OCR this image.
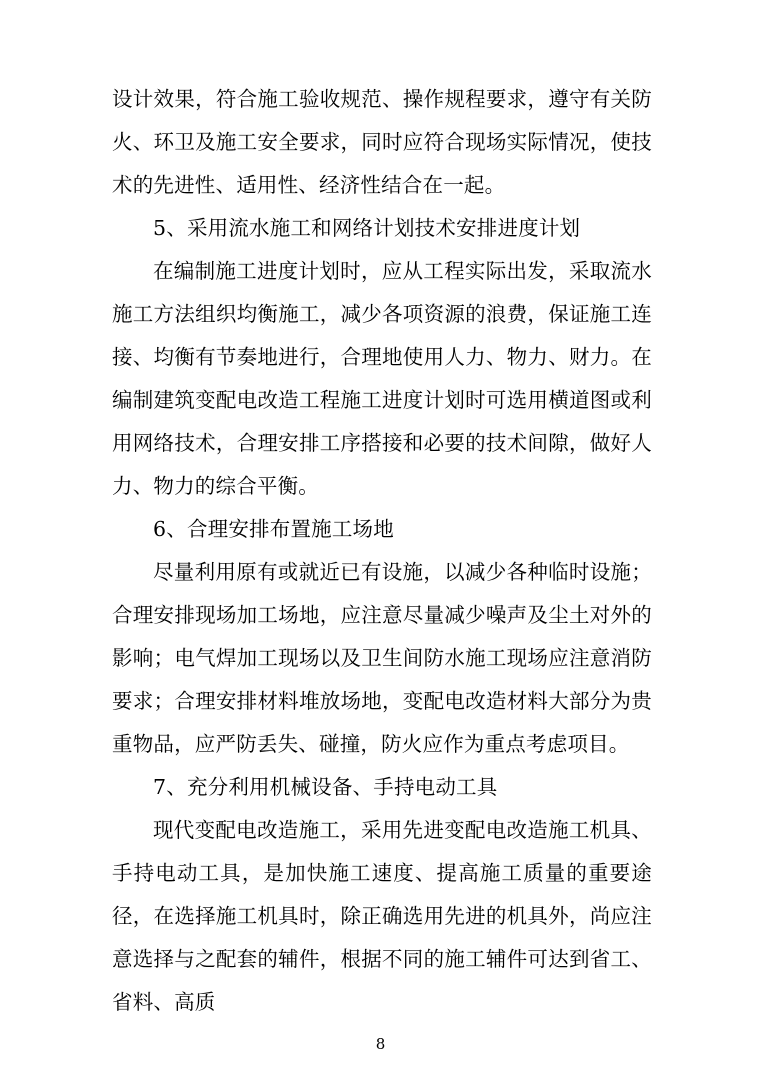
设计效果，符合施工验收规范、操作规程要求，遵守有关防火、环卫及施工安全要求，同时应符合现场实际情况，使技术的先进性、适用性、经济性结合在一起。

5、采用流水施工和网络计划技术安排进度计划

在编制施工进度计划时，应从工程实际出发，采取流水施工方法组织均衡施工，减少各项资源的浪费，保证施工连接、均衡有节奏地进行，合理地使用人力、物力、财力。在编制建筑变配电改造工程施工进度计划时可选用横道图或利用网络技术，合理安排工序搭接和必要的技术间隙，做好人力、物力的综合平衡。

6、合理安排布置施工场地

尽量利用原有或就近已有设施，以减少各种临时设施；合理安排现场加工场地，应注意尽量减少噪声及尘土对外的影响；电气焊加工现场以及卫生间防水施工现场应注意消防要求；合理安排材料堆放场地，变配电改造材料大部分为贵重物品，应严防丢失、碰撞，防火应作为重点考虑项目。

7、充分利用机械设备、手持电动工具

现代变配电改造施工，采用先进变配电改造施工机具、手持电动工具，是加快施工速度、提高施工质量的重要途径，在选择施工机具时，除正确选用先进的机具外，尚应注意选择与之配套的辅件，根据不同的施工辅件可达到省工、省料、高质

8
